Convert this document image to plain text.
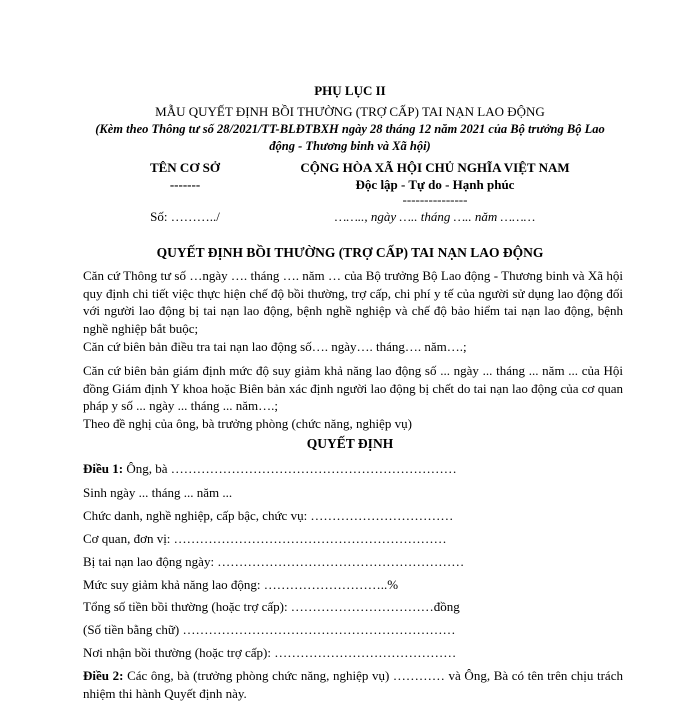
PHỤ LỤC II
MẪU QUYẾT ĐỊNH BỒI THƯỜNG (TRỢ CẤP) TAI NẠN LAO ĐỘNG
(Kèm theo Thông tư số 28/2021/TT-BLĐTBXH ngày 28 tháng 12 năm 2021 của Bộ trưởng Bộ Lao động - Thương binh và Xã hội)
TÊN CƠ SỞ
-------
Số: ………../
CỘNG HÒA XÃ HỘI CHỦ NGHĨA VIỆT NAM
Độc lập - Tự do - Hạnh phúc
---------------
…….., ngày ….. tháng ….. năm ………
QUYẾT ĐỊNH BỒI THƯỜNG (TRỢ CẤP) TAI NẠN LAO ĐỘNG
Căn cứ Thông tư số …ngày …. tháng …. năm … của Bộ trưởng Bộ Lao động - Thương binh và Xã hội quy định chi tiết việc thực hiện chế độ bồi thường, trợ cấp, chi phí y tế của người sử dụng lao động đối với người lao động bị tai nạn lao động, bệnh nghề nghiệp và chế độ bảo hiểm tai nạn lao động, bệnh nghề nghiệp bắt buộc;
Căn cứ biên bản điều tra tai nạn lao động số…. ngày…. tháng…. năm….;
Căn cứ biên bản giám định mức độ suy giảm khả năng lao động số ... ngày ... tháng ... năm ... của Hội đồng Giám định Y khoa hoặc Biên bản xác định người lao động bị chết do tai nạn lao động của cơ quan pháp y số ... ngày ... tháng ... năm….;
Theo đề nghị của ông, bà trưởng phòng (chức năng, nghiệp vụ)
QUYẾT ĐỊNH
Điều 1: Ông, bà …………………………………………………………
Sinh ngày ... tháng ... năm ...
Chức danh, nghề nghiệp, cấp bậc, chức vụ: ……………………………
Cơ quan, đơn vị: ………………………………………………………
Bị tai nạn lao động ngày: …………………………………………………
Mức suy giảm khả năng lao động: ………………………..%
Tổng số tiền bồi thường (hoặc trợ cấp): ……………………………đồng
(Số tiền bằng chữ) ………………………………………………………
Nơi nhận bồi thường (hoặc trợ cấp): ……………………………………
Điều 2: Các ông, bà (trưởng phòng chức năng, nghiệp vụ) ………… và Ông, Bà có tên trên chịu trách nhiệm thi hành Quyết định này.
